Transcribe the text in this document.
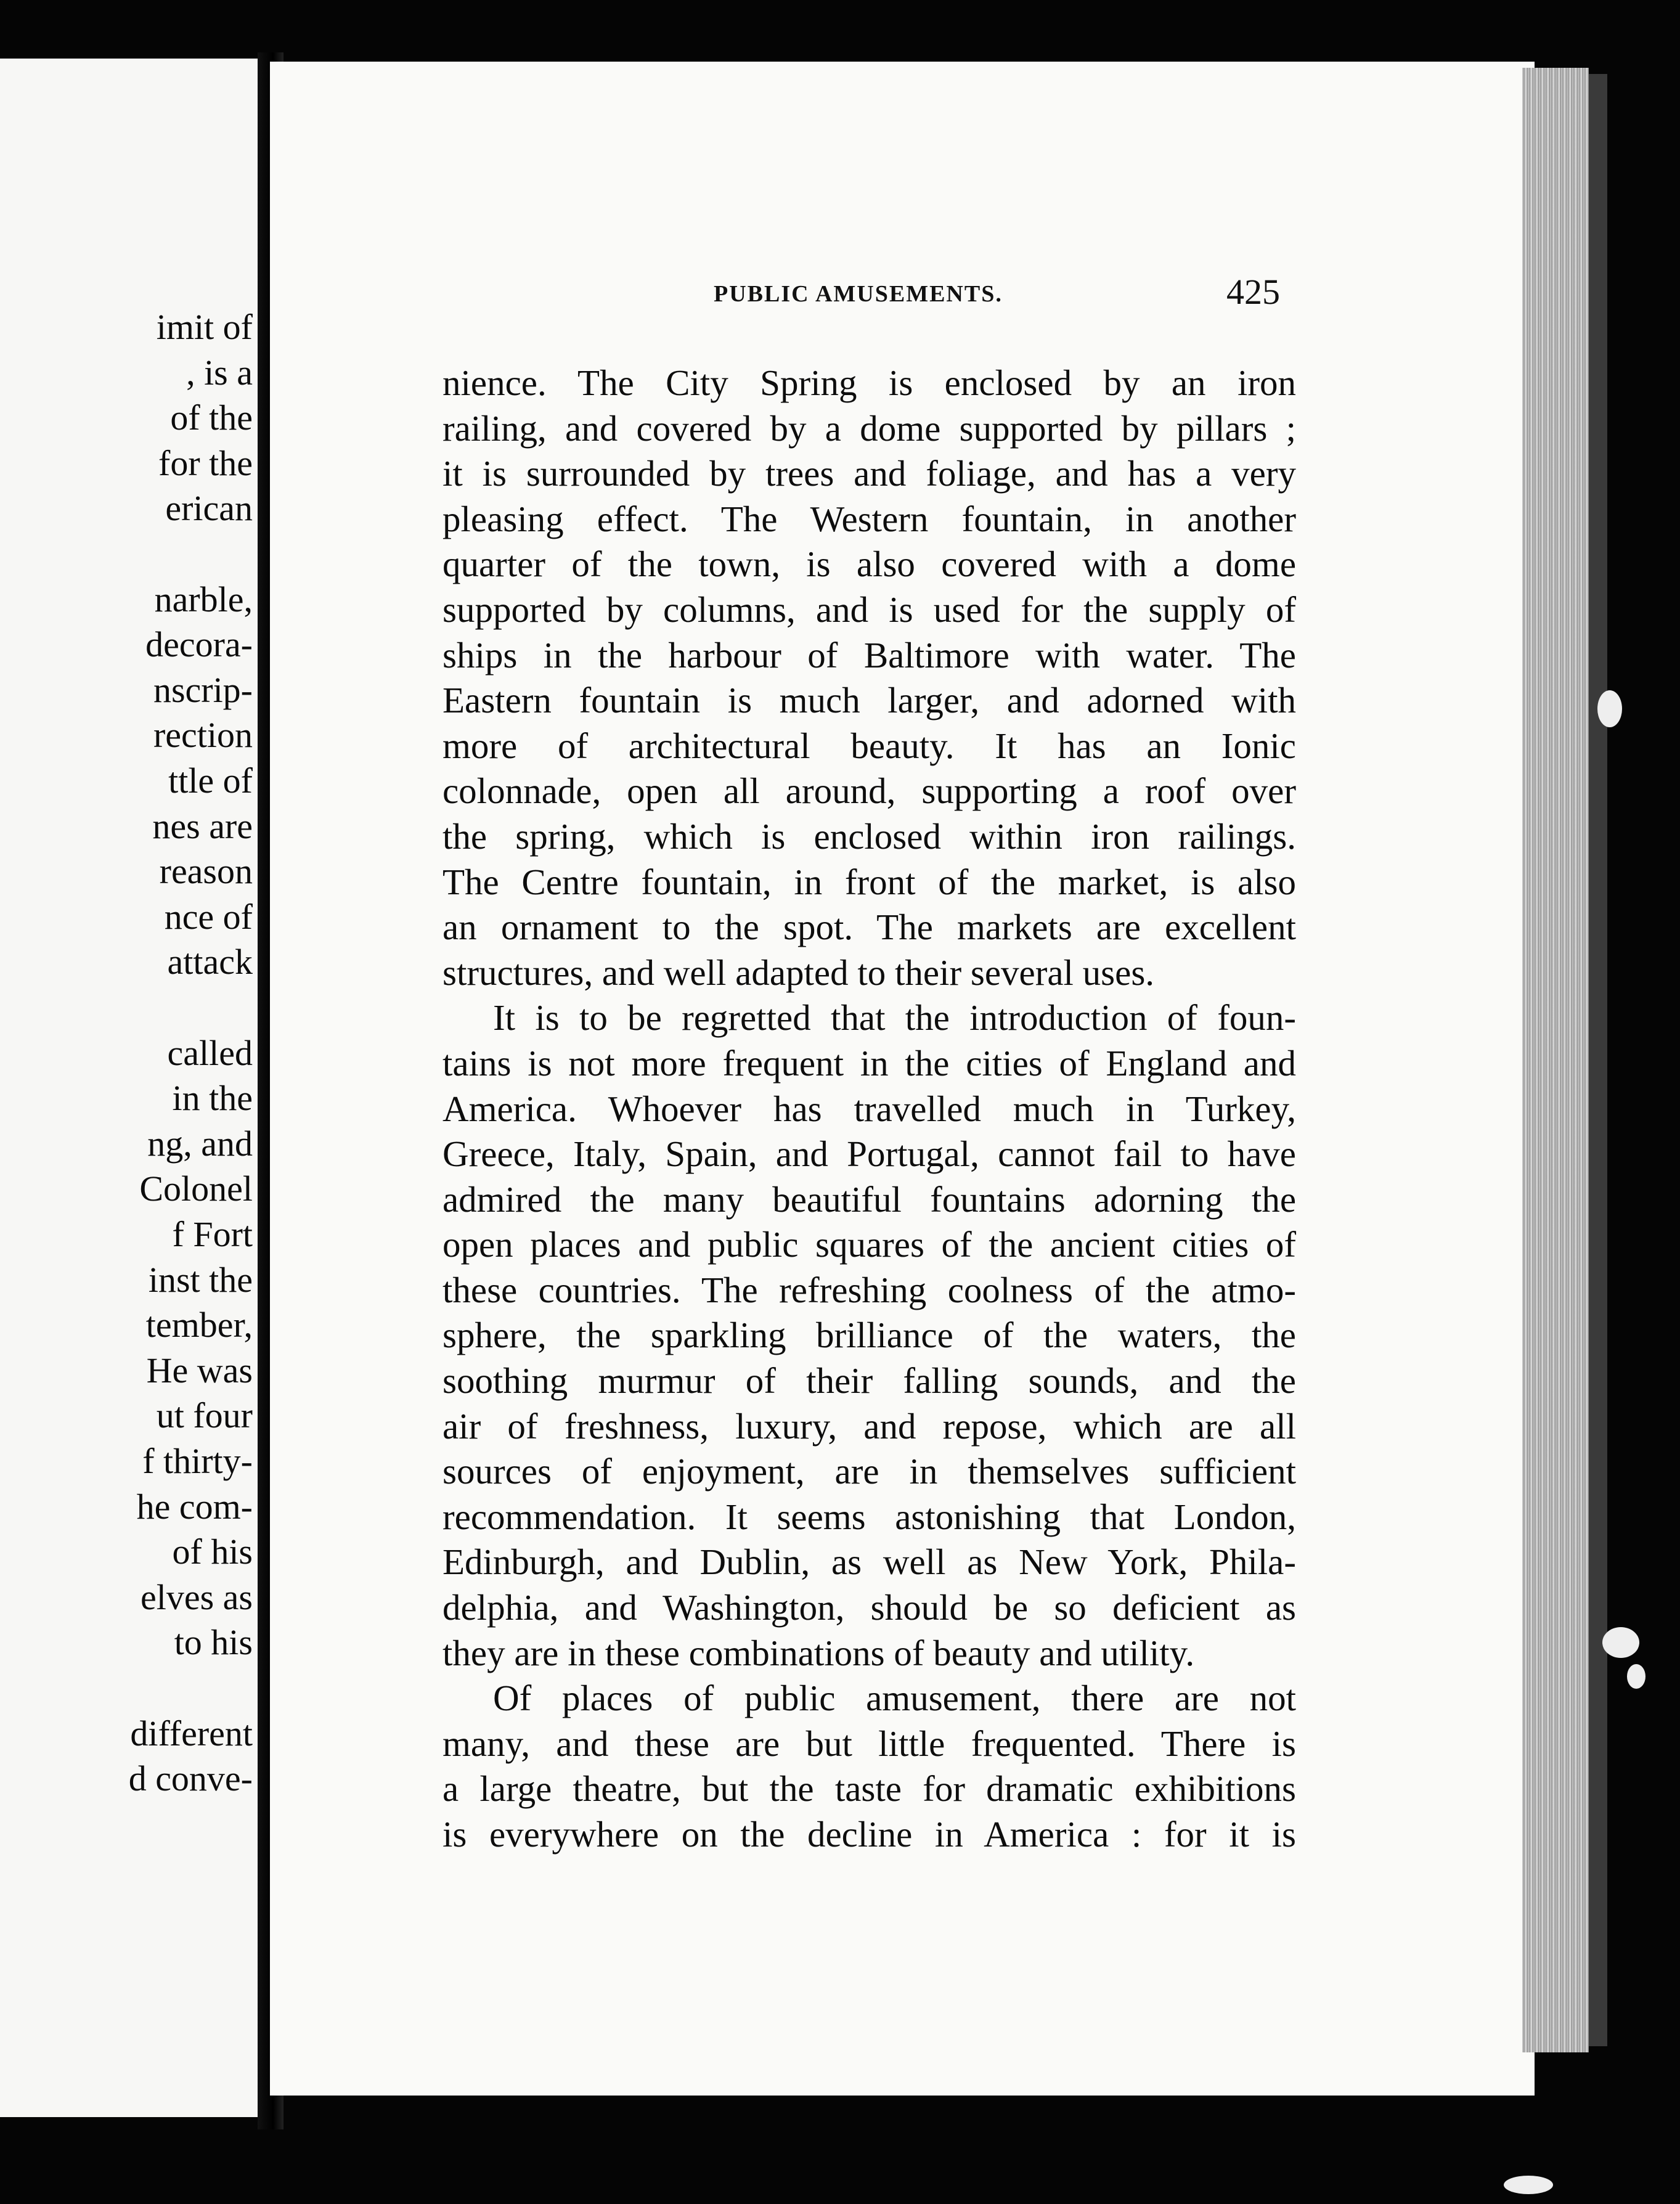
imit of
, is a
of the
for the
erican
narble,
decora-
nscrip-
rection
ttle of
nes are
reason
nce of
attack
called
in the
ng, and
Colonel
f Fort
inst the
tember,
He was
ut four
f thirty-
he com-
of his
elves as
to his
different
d conve-
PUBLIC AMUSEMENTS.	425
nience. The City Spring is enclosed by an iron
railing, and covered by a dome supported by pillars ;
it is surrounded by trees and foliage, and has a very
pleasing effect. The Western fountain, in another
quarter of the town, is also covered with a dome
supported by columns, and is used for the supply of
ships in the harbour of Baltimore with water. The
Eastern fountain is much larger, and adorned with
more of architectural beauty. It has an Ionic
colonnade, open all around, supporting a roof over
the spring, which is enclosed within iron railings.
The Centre fountain, in front of the market, is also
an ornament to the spot. The markets are excellent
structures, and well adapted to their several uses.
It is to be regretted that the introduction of foun-
tains is not more frequent in the cities of England and
America. Whoever has travelled much in Turkey,
Greece, Italy, Spain, and Portugal, cannot fail to have
admired the many beautiful fountains adorning the
open places and public squares of the ancient cities of
these countries. The refreshing coolness of the atmo-
sphere, the sparkling brilliance of the waters, the
soothing murmur of their falling sounds, and the
air of freshness, luxury, and repose, which are all
sources of enjoyment, are in themselves sufficient
recommendation. It seems astonishing that London,
Edinburgh, and Dublin, as well as New York, Phila-
delphia, and Washington, should be so deficient as
they are in these combinations of beauty and utility.
Of places of public amusement, there are not
many, and these are but little frequented. There is
a large theatre, but the taste for dramatic exhibitions
is everywhere on the decline in America : for it is
